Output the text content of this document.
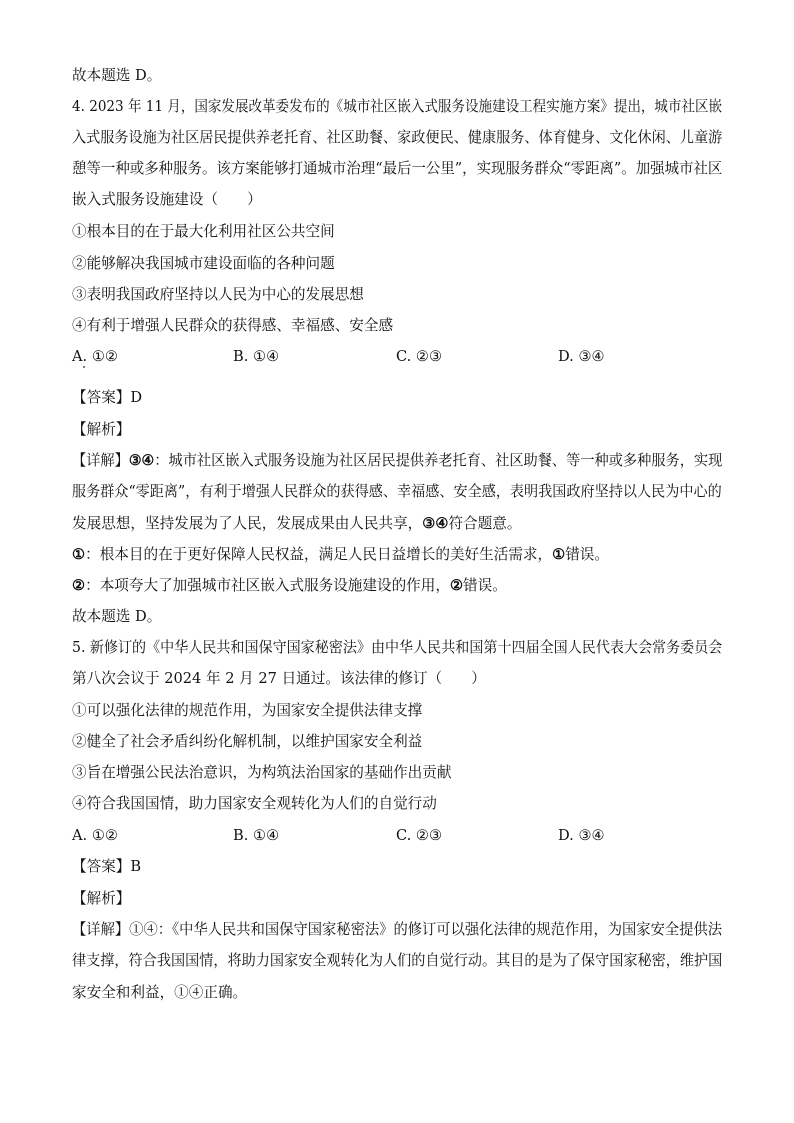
故本题选 D。
4. 2023 年 11 月，国家发展改革委发布的《城市社区嵌入式服务设施建设工程实施方案》提出，城市社区嵌
入式服务设施为社区居民提供养老托育、社区助餐、家政便民、健康服务、体育健身、文化休闲、儿童游
憩等一种或多种服务。该方案能够打通城市治理“最后一公里”，实现服务群众“零距离”。加强城市社区
嵌入式服务设施建设（　　）
①根本目的在于最大化利用社区公共空间
②能够解决我国城市建设面临的各种问题
③表明我国政府坚持以人民为中心的发展思想
④有利于增强人民群众的获得感、幸福感、安全感
A. ①②	B. ①④	C. ②③	D. ③④
【答案】D
【解析】
【详解】③④：城市社区嵌入式服务设施为社区居民提供养老托育、社区助餐、等一种或多种服务，实现
服务群众“零距离”，有利于增强人民群众的获得感、幸福感、安全感，表明我国政府坚持以人民为中心的
发展思想，坚持发展为了人民，发展成果由人民共享，③④符合题意。
①：根本目的在于更好保障人民权益，满足人民日益增长的美好生活需求，①错误。
②：本项夸大了加强城市社区嵌入式服务设施建设的作用，②错误。
故本题选 D。
5. 新修订的《中华人民共和国保守国家秘密法》由中华人民共和国第十四届全国人民代表大会常务委员会
第八次会议于 2024 年 2 月 27 日通过。该法律的修订（　　）
①可以强化法律的规范作用，为国家安全提供法律支撑
②健全了社会矛盾纠纷化解机制，以维护国家安全利益
③旨在增强公民法治意识，为构筑法治国家的基础作出贡献
④符合我国国情，助力国家安全观转化为人们的自觉行动
A. ①②	B. ①④	C. ②③	D. ③④
【答案】B
【解析】
【详解】①④：《中华人民共和国保守国家秘密法》的修订可以强化法律的规范作用，为国家安全提供法
律支撑，符合我国国情，将助力国家安全观转化为人们的自觉行动。其目的是为了保守国家秘密，维护国
家安全和利益，①④正确。
